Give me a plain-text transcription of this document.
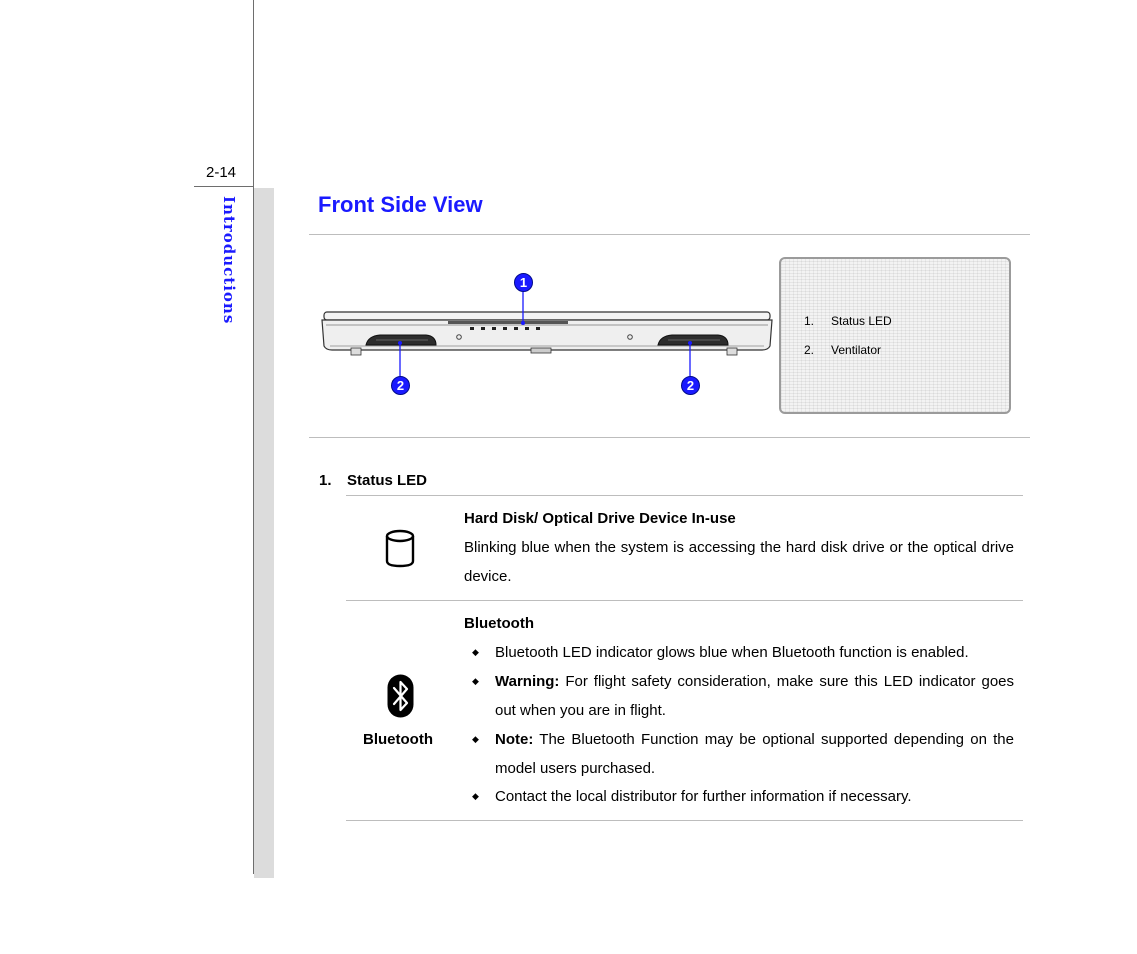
2-14
Introductions	Front Side View
1
2	2
1. Status LED
2. Ventilator
1. Status LED
Hard Disk/ Optical Drive Device In-use
Blinking blue when the system is accessing the hard disk drive or the optical drive device.
Bluetooth
Bluetooth
◆ Bluetooth LED indicator glows blue when Bluetooth function is enabled.
◆ Warning: For flight safety consideration, make sure this LED indicator goes out when you are in flight.
◆ Note: The Bluetooth Function may be optional supported depending on the model users purchased.
◆ Contact the local distributor for further information if necessary.
